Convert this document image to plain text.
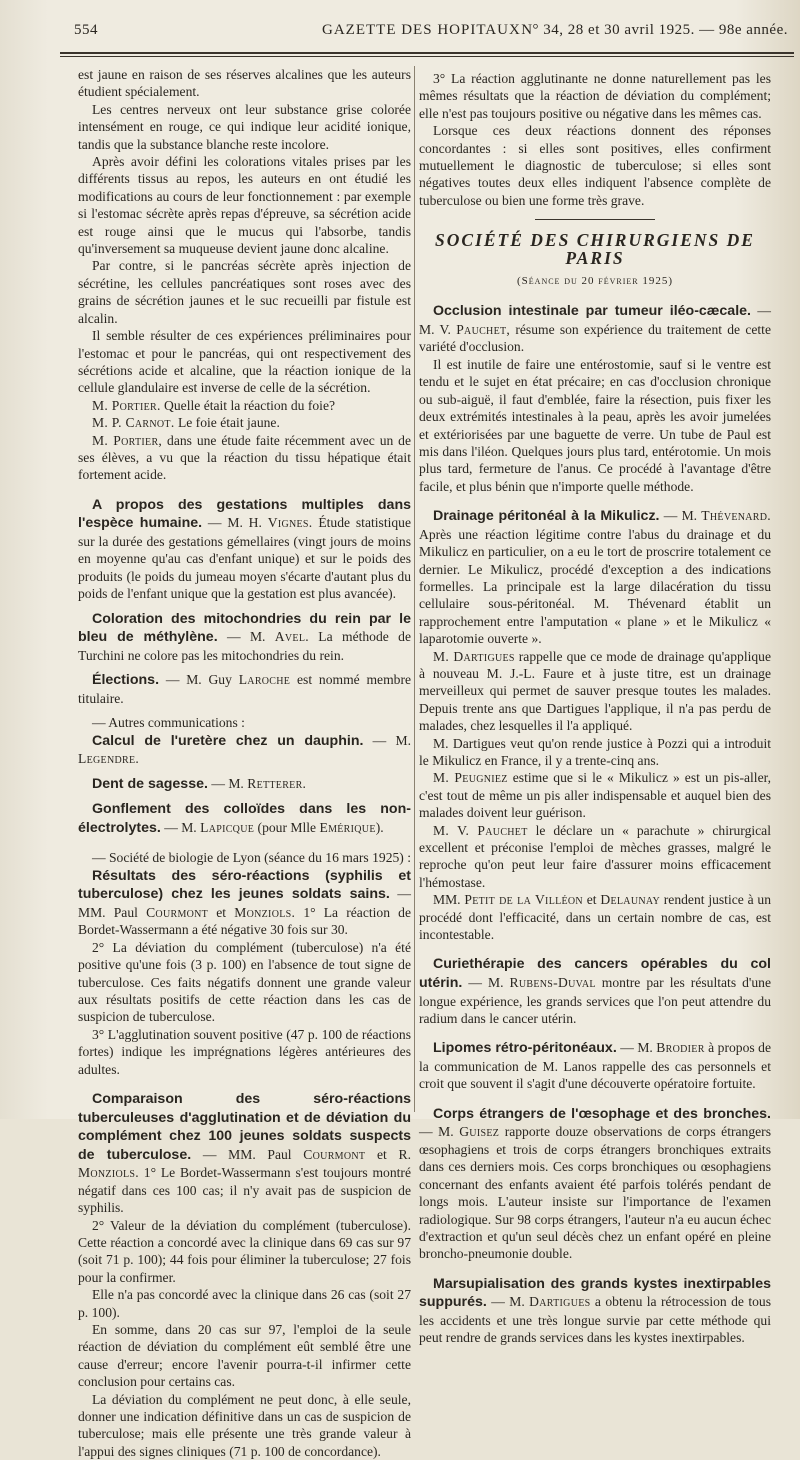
554	GAZETTE DES HOPITAUX N° 34, 28 et 30 avril 1925. — 98e année.

est jaune en raison de ses réserves alcalines que les auteurs étudient spécialement.

Les centres nerveux ont leur substance grise colorée intensément en rouge, ce qui indique leur acidité ionique, tandis que la substance blanche reste incolore.

Après avoir défini les colorations vitales prises par les différents tissus au repos, les auteurs en ont étudié les modifications au cours de leur fonctionnement : par exemple si l'estomac sécrète après repas d'épreuve, sa sécrétion acide est rouge ainsi que le mucus qui l'absorbe, tandis qu'inversement sa muqueuse devient jaune donc alcaline.

Par contre, si le pancréas sécrète après injection de sécrétine, les cellules pancréatiques sont roses avec des grains de sécrétion jaunes et le suc recueilli par fistule est alcalin.

Il semble résulter de ces expériences préliminaires pour l'estomac et pour le pancréas, qui ont respectivement des sécrétions acide et alcaline, que la réaction ionique de la cellule glandulaire est inverse de celle de la sécrétion.

M. Portier. Quelle était la réaction du foie?

M. P. Carnot. Le foie était jaune.

M. Portier, dans une étude faite récemment avec un de ses élèves, a vu que la réaction du tissu hépatique était fortement acide.

A propos des gestations multiples dans l'espèce humaine. — M. H. Vignes. Étude statistique sur la durée des gestations gémellaires (vingt jours de moins en moyenne qu'au cas d'enfant unique) et sur le poids des produits (le poids du jumeau moyen s'écarte d'autant plus du poids de l'enfant unique que la gestation est plus avancée).

Coloration des mitochondries du rein par le bleu de méthylène. — M. Avel. La méthode de Turchini ne colore pas les mitochondries du rein.

Élections. — M. Guy Laroche est nommé membre titulaire.

— Autres communications :

Calcul de l'uretère chez un dauphin. — M. Legendre.

Dent de sagesse. — M. Retterer.

Gonflement des colloïdes dans les non-électrolytes. — M. Lapicque (pour Mlle Emérique).

— Société de biologie de Lyon (séance du 16 mars 1925) :

Résultats des séro-réactions (syphilis et tuberculose) chez les jeunes soldats sains. — MM. Paul Courmont et Monziols. 1° La réaction de Bordet-Wassermann a été négative 30 fois sur 30.

2° La déviation du complément (tuberculose) n'a été positive qu'une fois (3 p. 100) en l'absence de tout signe de tuberculose. Ces faits négatifs donnent une grande valeur aux résultats positifs de cette réaction dans les cas de suspicion de tuberculose.

3° L'agglutination souvent positive (47 p. 100 de réactions fortes) indique les imprégnations légères antérieures des adultes.

Comparaison des séro-réactions tuberculeuses d'agglutination et de déviation du complément chez 100 jeunes soldats suspects de tuberculose. — MM. Paul Courmont et R. Monziols. 1° Le Bordet-Wassermann s'est toujours montré négatif dans ces 100 cas; il n'y avait pas de suspicion de syphilis.

2° Valeur de la déviation du complément (tuberculose). Cette réaction a concordé avec la clinique dans 69 cas sur 97 (soit 71 p. 100); 44 fois pour éliminer la tuberculose; 27 fois pour la confirmer.

Elle n'a pas concordé avec la clinique dans 26 cas (soit 27 p. 100).

En somme, dans 20 cas sur 97, l'emploi de la seule réaction de déviation du complément eût semblé être une cause d'erreur; encore l'avenir pourra-t-il infirmer cette conclusion pour certains cas.

La déviation du complément ne peut donc, à elle seule, donner une indication définitive dans un cas de suspicion de tuberculose; mais elle présente une très grande valeur à l'appui des signes cliniques (71 p. 100 de concordance).

3° La réaction agglutinante ne donne naturellement pas les mêmes résultats que la réaction de déviation du complément; elle n'est pas toujours positive ou négative dans les mêmes cas.

Lorsque ces deux réactions donnent des réponses concordantes : si elles sont positives, elles confirment mutuellement le diagnostic de tuberculose; si elles sont négatives toutes deux elles indiquent l'absence complète de tuberculose ou bien une forme très grave.

SOCIÉTÉ DES CHIRURGIENS DE PARIS
(Séance du 20 février 1925)

Occlusion intestinale par tumeur iléo-cæcale. — M. V. Pauchet, résume son expérience du traitement de cette variété d'occlusion.

Il est inutile de faire une entérostomie, sauf si le ventre est tendu et le sujet en état précaire; en cas d'occlusion chronique ou sub-aiguë, il faut d'emblée, faire la résection, puis fixer les deux extrémités intestinales à la peau, après les avoir jumelées et extériorisées par une baguette de verre. Un tube de Paul est mis dans l'iléon. Quelques jours plus tard, entérotomie. Un mois plus tard, fermeture de l'anus. Ce procédé à l'avantage d'être facile, et plus bénin que n'importe quelle méthode.

Drainage péritonéal à la Mikulicz. — M. Thévenard. Après une réaction légitime contre l'abus du drainage et du Mikulicz en particulier, on a eu le tort de proscrire totalement ce dernier. Le Mikulicz, procédé d'exception a des indications formelles. La principale est la large dilacération du tissu cellulaire sous-péritonéal. M. Thévenard établit un rapprochement entre l'amputation « plane » et le Mikulicz « laparotomie ouverte ».

M. Dartigues rappelle que ce mode de drainage qu'applique à nouveau M. J.-L. Faure et à juste titre, est un drainage merveilleux qui permet de sauver presque toutes les malades. Depuis trente ans que Dartigues l'applique, il n'a pas perdu de malades, chez lesquelles il l'a appliqué.

M. Dartigues veut qu'on rende justice à Pozzi qui a introduit le Mikulicz en France, il y a trente-cinq ans.

M. Peugniez estime que si le « Mikulicz » est un pis-aller, c'est tout de même un pis aller indispensable et auquel bien des malades doivent leur guérison.

M. V. Pauchet le déclare un « parachute » chirurgical excellent et préconise l'emploi de mèches grasses, malgré le reproche qu'on peut leur faire d'assurer moins efficacement l'hémostase.

MM. Petit de la Villéon et Delaunay rendent justice à un procédé dont l'efficacité, dans un certain nombre de cas, est incontestable.

Curiethérapie des cancers opérables du col utérin. — M. Rubens-Duval montre par les résultats d'une longue expérience, les grands services que l'on peut attendre du radium dans le cancer utérin.

Lipomes rétro-péritonéaux. — M. Brodier à propos de la communication de M. Lanos rappelle des cas personnels et croit que souvent il s'agit d'une découverte opératoire fortuite.

Corps étrangers de l'œsophage et des bronches. — M. Guisez rapporte douze observations de corps étrangers œsophagiens et trois de corps étrangers bronchiques extraits dans ces derniers mois. Ces corps bronchiques ou œsophagiens concernant des enfants avaient été parfois tolérés pendant de longs mois. L'auteur insiste sur l'importance de l'examen radiologique. Sur 98 corps étrangers, l'auteur n'a eu aucun échec d'extraction et qu'un seul décès chez un enfant opéré en pleine broncho-pneumonie double.

Marsupialisation des grands kystes inextirpables suppurés. — M. Dartigues a obtenu la rétrocession de tous les accidents et une très longue survie par cette méthode qui peut rendre de grands services dans les kystes inextirpables.
